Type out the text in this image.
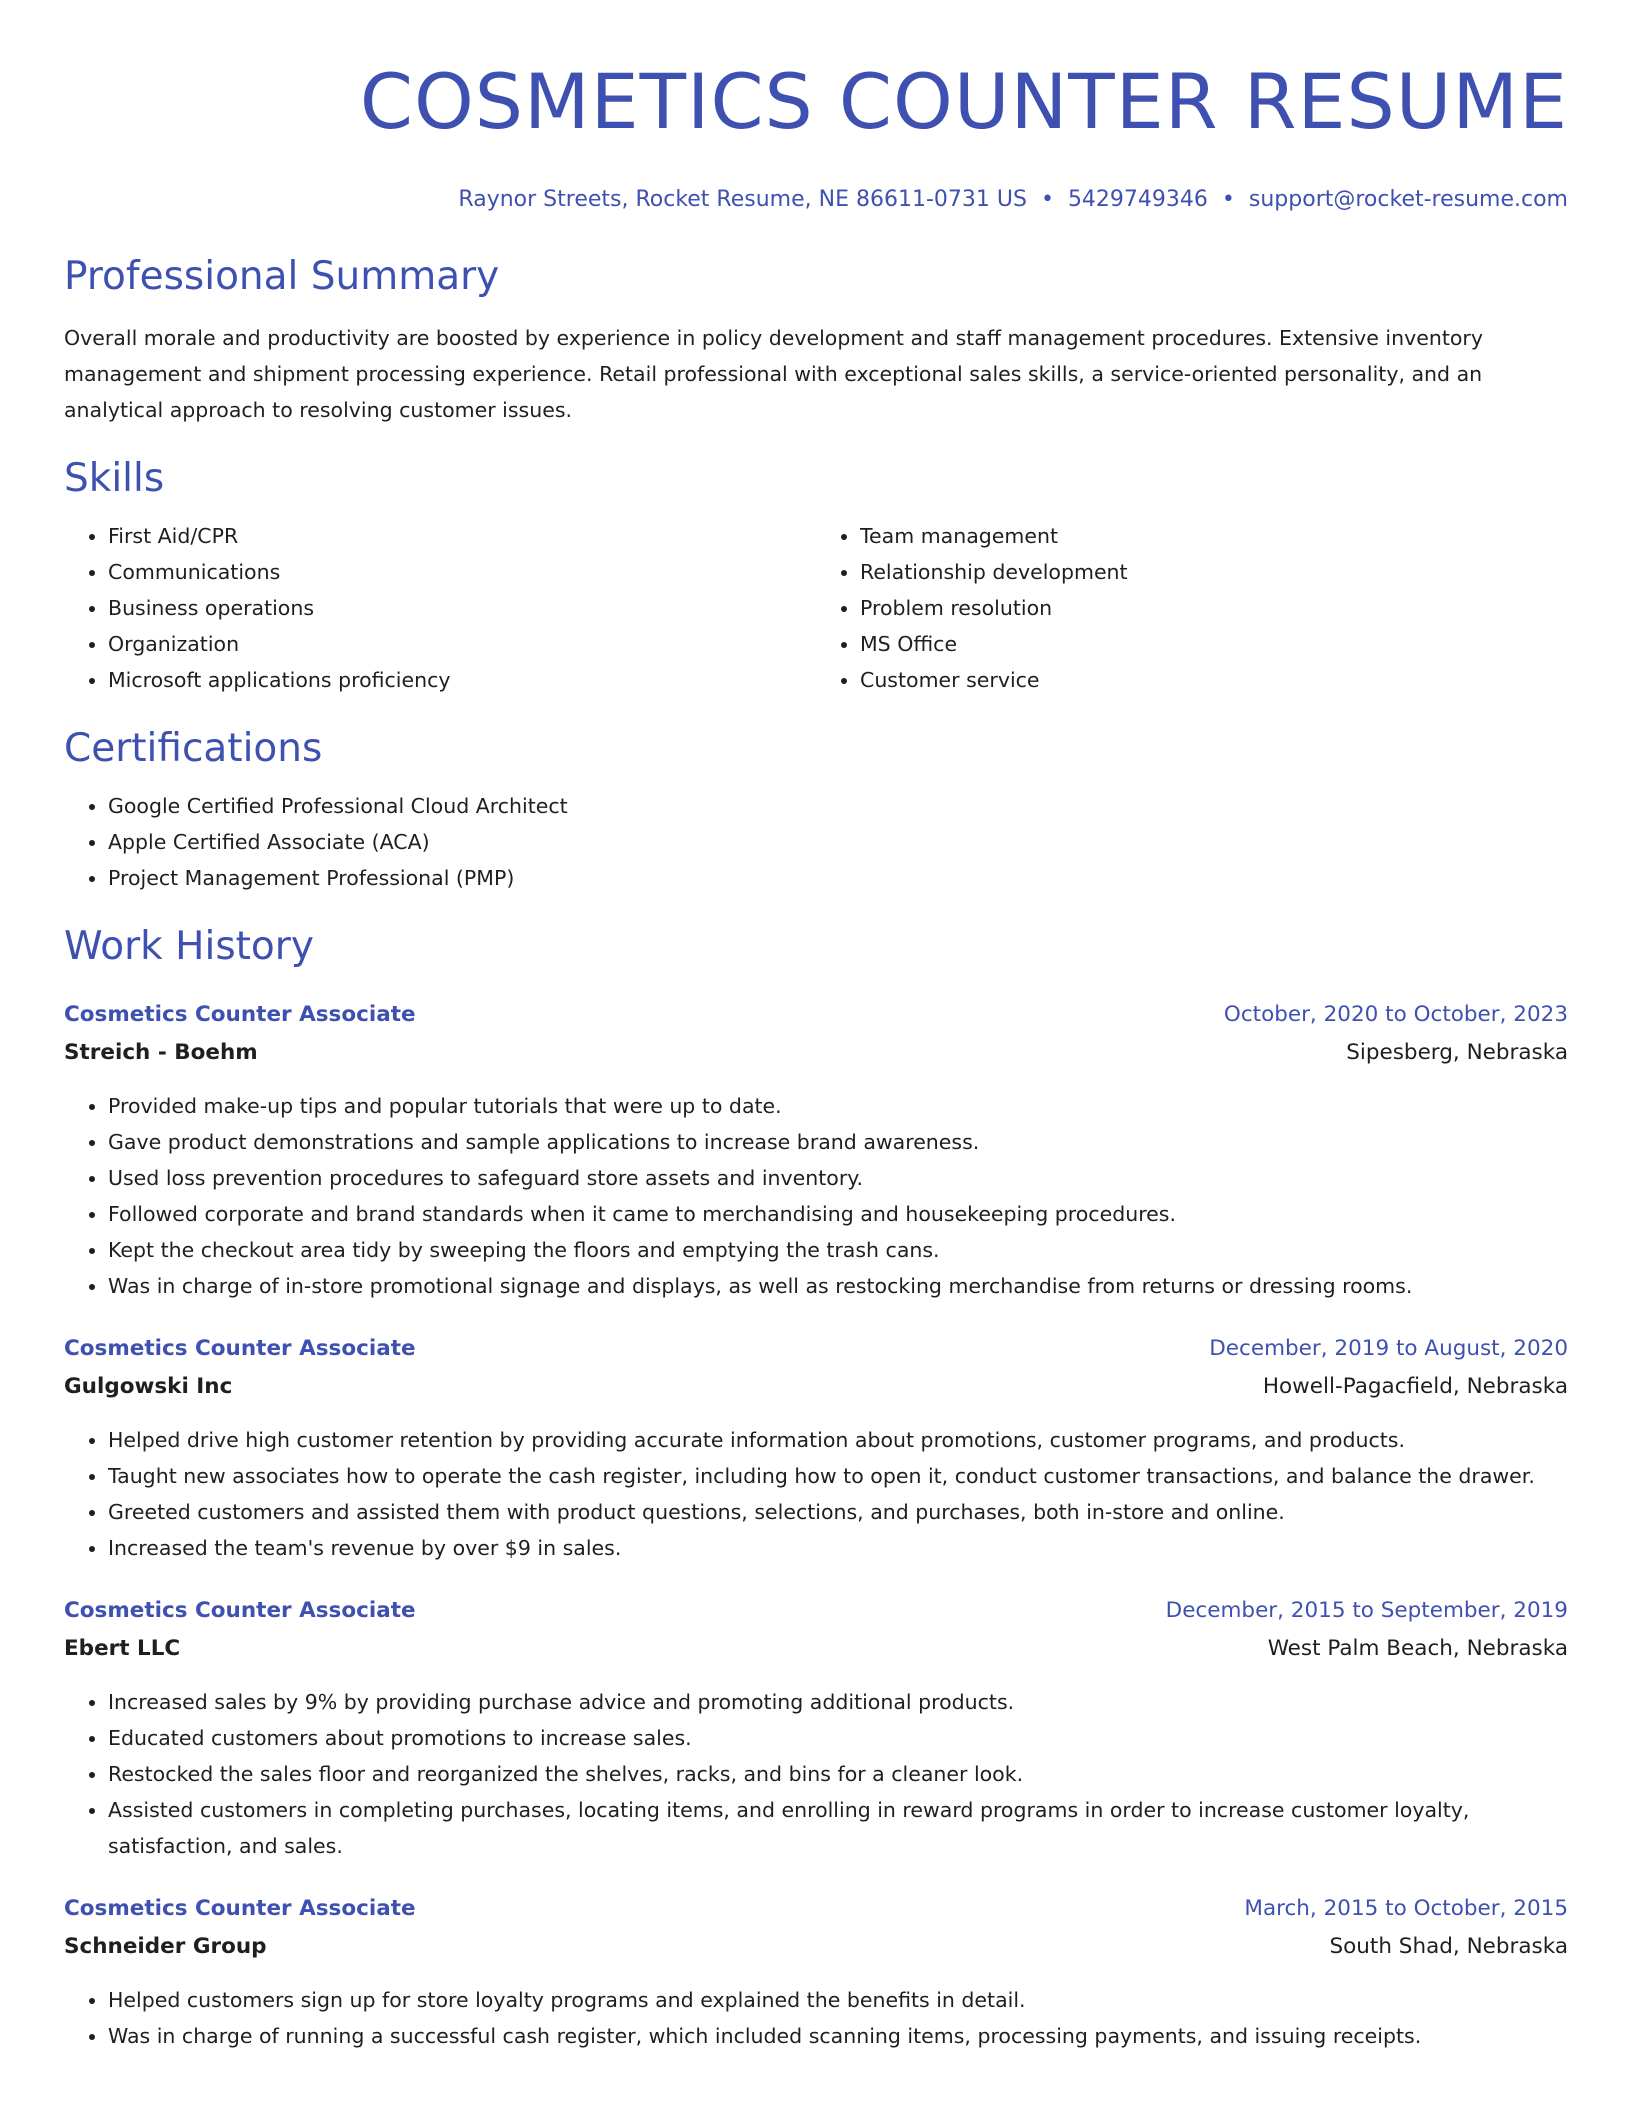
COSMETICS COUNTER RESUME
Raynor Streets, Rocket Resume, NE 86611-0731 US • 5429749346 • support@rocket-resume.com
Professional Summary

Overall morale and productivity are boosted by experience in policy development and staff management procedures. Extensive inventory management and shipment processing experience. Retail professional with exceptional sales skills, a service-oriented personality, and an analytical approach to resolving customer issues.

Skills
• First Aid/CPR
• Communications
• Business operations
• Organization
• Microsoft applications proficiency
• Team management
• Relationship development
• Problem resolution
• MS Office
• Customer service
Certifications
• Google Certified Professional Cloud Architect
• Apple Certified Associate (ACA)
• Project Management Professional (PMP)
Work History
Cosmetics Counter Associate	October, 2020 to October, 2023
Streich - Boehm	Sipesberg, Nebraska
• Provided make-up tips and popular tutorials that were up to date.
• Gave product demonstrations and sample applications to increase brand awareness.
• Used loss prevention procedures to safeguard store assets and inventory.
• Followed corporate and brand standards when it came to merchandising and housekeeping procedures.
• Kept the checkout area tidy by sweeping the floors and emptying the trash cans.
• Was in charge of in-store promotional signage and displays, as well as restocking merchandise from returns or dressing rooms.
Cosmetics Counter Associate	December, 2019 to August, 2020
Gulgowski Inc	Howell-Pagacfield, Nebraska
• Helped drive high customer retention by providing accurate information about promotions, customer programs, and products.
• Taught new associates how to operate the cash register, including how to open it, conduct customer transactions, and balance the drawer.
• Greeted customers and assisted them with product questions, selections, and purchases, both in-store and online.
• Increased the team's revenue by over $9 in sales.
Cosmetics Counter Associate	December, 2015 to September, 2019
Ebert LLC	West Palm Beach, Nebraska
• Increased sales by 9% by providing purchase advice and promoting additional products.
• Educated customers about promotions to increase sales.
• Restocked the sales floor and reorganized the shelves, racks, and bins for a cleaner look.
• Assisted customers in completing purchases, locating items, and enrolling in reward programs in order to increase customer loyalty, satisfaction, and sales.
Cosmetics Counter Associate	March, 2015 to October, 2015
Schneider Group	South Shad, Nebraska
• Helped customers sign up for store loyalty programs and explained the benefits in detail.
• Was in charge of running a successful cash register, which included scanning items, processing payments, and issuing receipts.
